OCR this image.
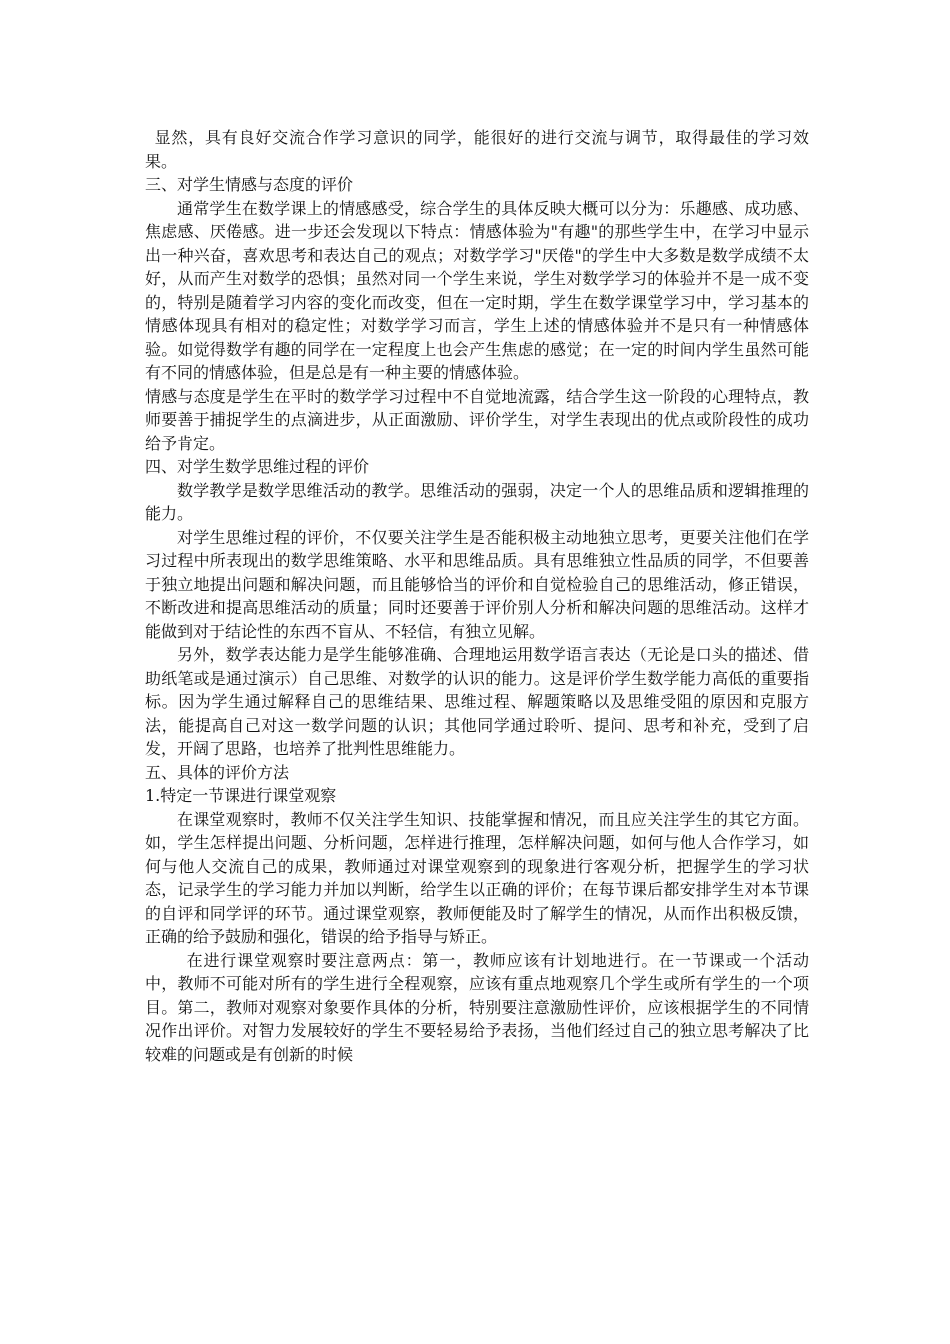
显然，具有良好交流合作学习意识的同学，能很好的进行交流与调节，取得最佳的学习效果。

三、对学生情感与态度的评价

通常学生在数学课上的情感感受，综合学生的具体反映大概可以分为：乐趣感、成功感、焦虑感、厌倦感。进一步还会发现以下特点：情感体验为"有趣"的那些学生中，在学习中显示出一种兴奋，喜欢思考和表达自己的观点；对数学学习"厌倦"的学生中大多数是数学成绩不太好，从而产生对数学的恐惧；虽然对同一个学生来说，学生对数学学习的体验并不是一成不变的，特别是随着学习内容的变化而改变，但在一定时期，学生在数学课堂学习中，学习基本的情感体现具有相对的稳定性；对数学学习而言，学生上述的情感体验并不是只有一种情感体验。如觉得数学有趣的同学在一定程度上也会产生焦虑的感觉；在一定的时间内学生虽然可能有不同的情感体验，但是总是有一种主要的情感体验。

情感与态度是学生在平时的数学学习过程中不自觉地流露，结合学生这一阶段的心理特点，教师要善于捕捉学生的点滴进步，从正面激励、评价学生，对学生表现出的优点或阶段性的成功给予肯定。

四、对学生数学思维过程的评价

数学教学是数学思维活动的教学。思维活动的强弱，决定一个人的思维品质和逻辑推理的能力。

对学生思维过程的评价，不仅要关注学生是否能积极主动地独立思考，更要关注他们在学习过程中所表现出的数学思维策略、水平和思维品质。具有思维独立性品质的同学，不但要善于独立地提出问题和解决问题，而且能够恰当的评价和自觉检验自己的思维活动，修正错误，不断改进和提高思维活动的质量；同时还要善于评价别人分析和解决问题的思维活动。这样才能做到对于结论性的东西不盲从、不轻信，有独立见解。

另外，数学表达能力是学生能够准确、合理地运用数学语言表达（无论是口头的描述、借助纸笔或是通过演示）自己思维、对数学的认识的能力。这是评价学生数学能力高低的重要指标。因为学生通过解释自己的思维结果、思维过程、解题策略以及思维受阻的原因和克服方法，能提高自己对这一数学问题的认识；其他同学通过聆听、提问、思考和补充，受到了启发，开阔了思路，也培养了批判性思维能力。

五、具体的评价方法

1.特定一节课进行课堂观察

在课堂观察时，教师不仅关注学生知识、技能掌握和情况，而且应关注学生的其它方面。如，学生怎样提出问题、分析问题，怎样进行推理，怎样解决问题，如何与他人合作学习，如何与他人交流自己的成果，教师通过对课堂观察到的现象进行客观分析，把握学生的学习状态，记录学生的学习能力并加以判断，给学生以正确的评价；在每节课后都安排学生对本节课的自评和同学评的环节。通过课堂观察，教师便能及时了解学生的情况，从而作出积极反馈，正确的给予鼓励和强化，错误的给予指导与矫正。

在进行课堂观察时要注意两点：第一，教师应该有计划地进行。在一节课或一个活动中，教师不可能对所有的学生进行全程观察，应该有重点地观察几个学生或所有学生的一个项目。第二，教师对观察对象要作具体的分析，特别要注意激励性评价，应该根据学生的不同情况作出评价。对智力发展较好的学生不要轻易给予表扬，当他们经过自己的独立思考解决了比较难的问题或是有创新的时候
